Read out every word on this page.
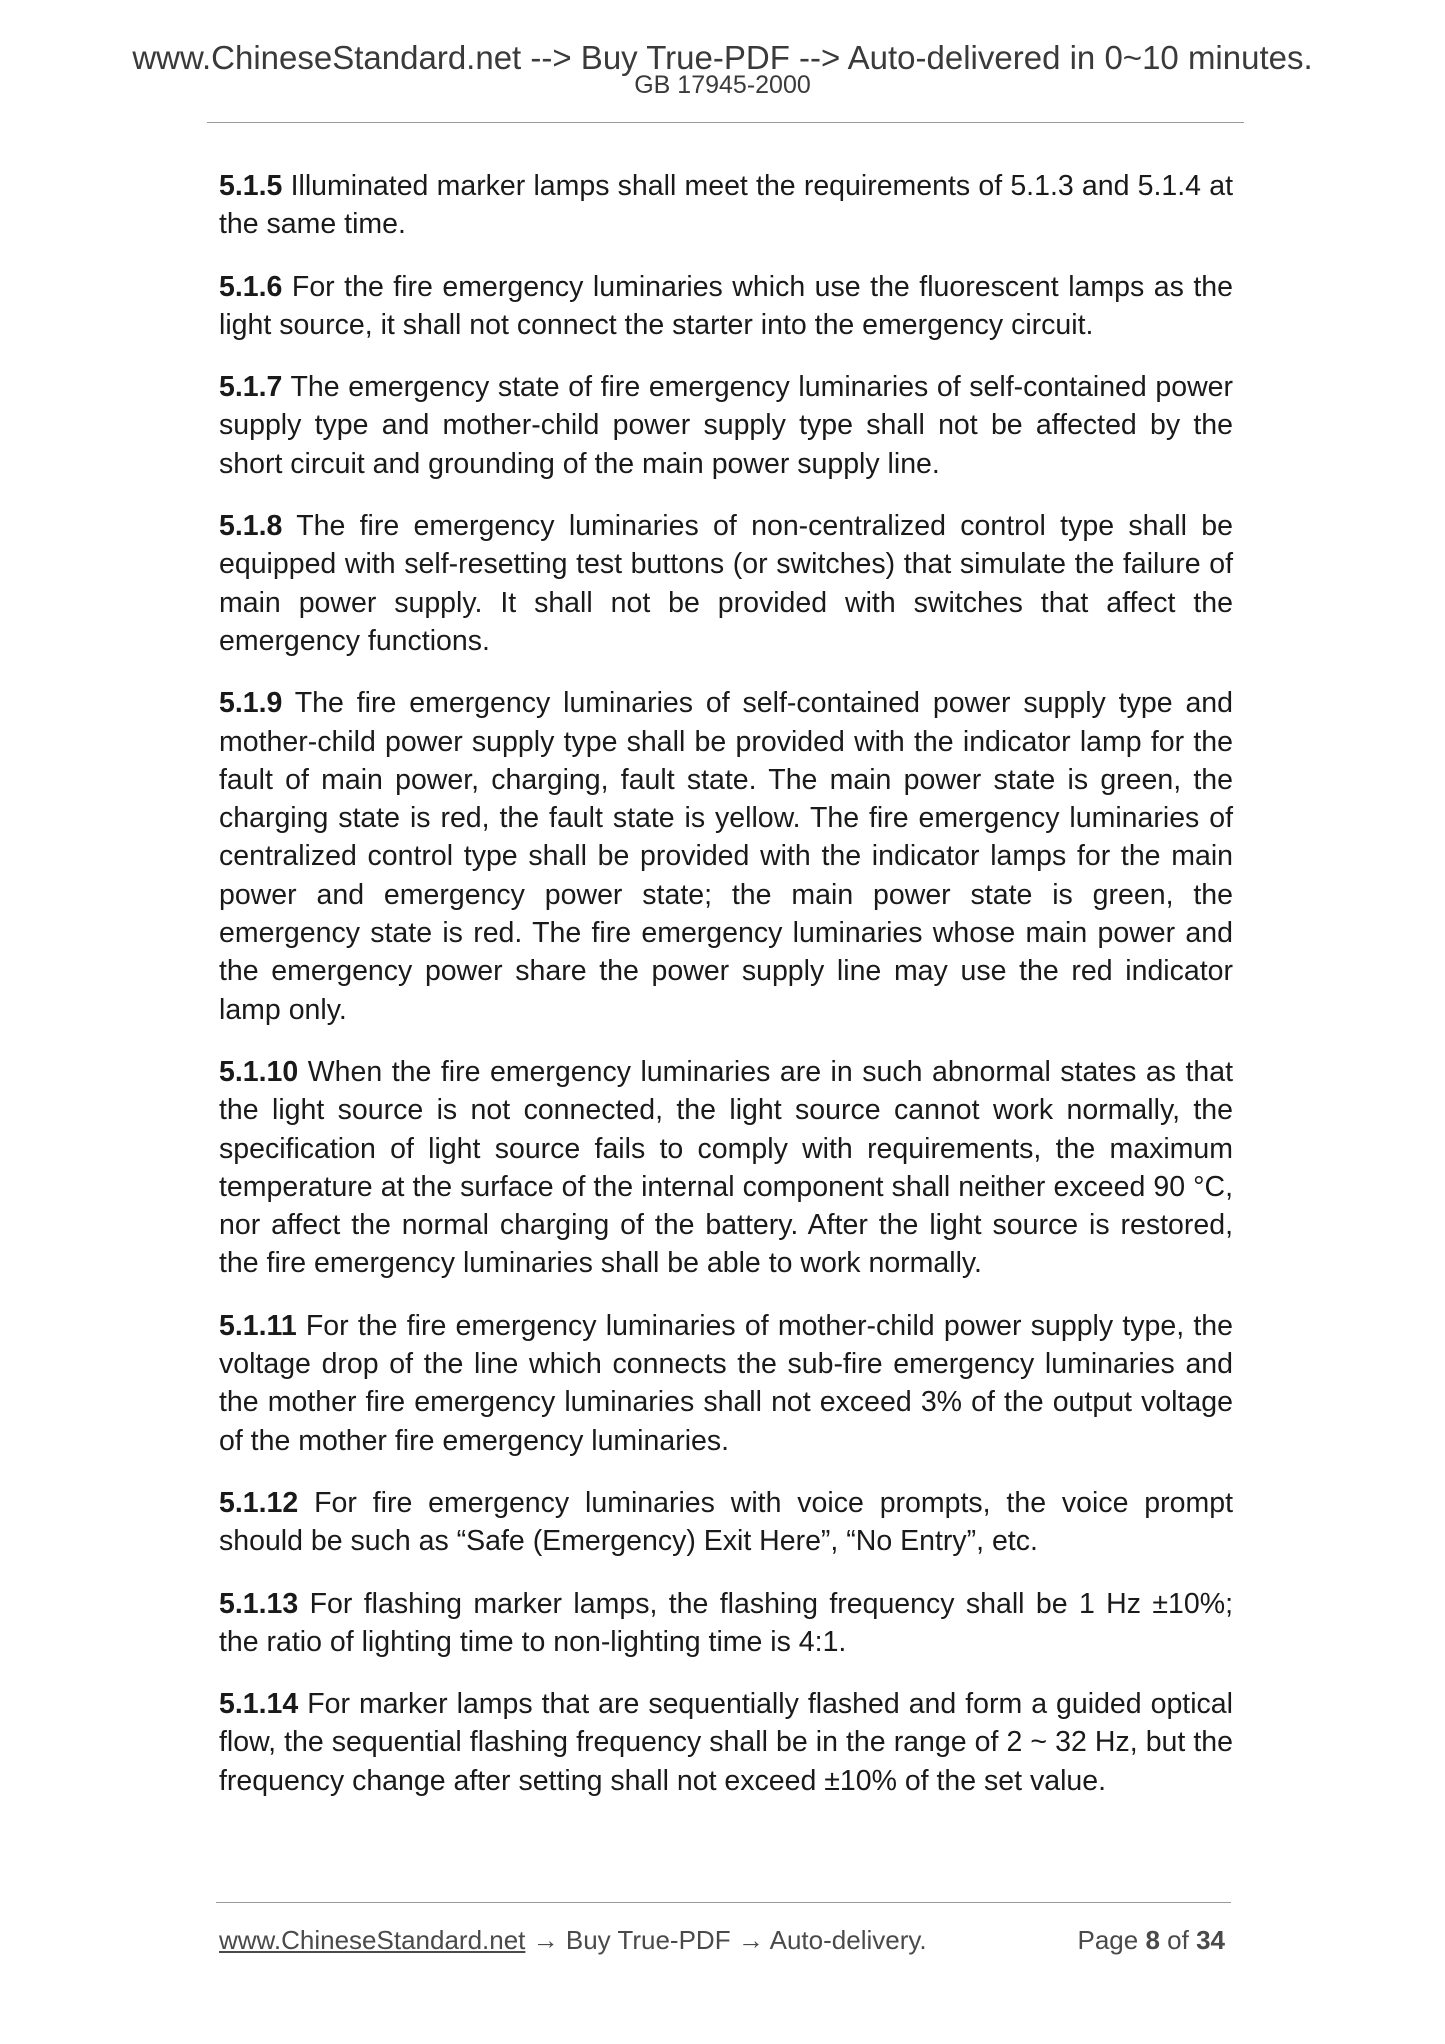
www.ChineseStandard.net --> Buy True-PDF --> Auto-delivered in 0~10 minutes.
GB 17945-2000

5.1.5 Illuminated marker lamps shall meet the requirements of 5.1.3 and 5.1.4 at the same time.

5.1.6 For the fire emergency luminaries which use the fluorescent lamps as the light source, it shall not connect the starter into the emergency circuit.

5.1.7 The emergency state of fire emergency luminaries of self-contained power supply type and mother-child power supply type shall not be affected by the short circuit and grounding of the main power supply line.

5.1.8 The fire emergency luminaries of non-centralized control type shall be equipped with self-resetting test buttons (or switches) that simulate the failure of main power supply. It shall not be provided with switches that affect the emergency functions.

5.1.9 The fire emergency luminaries of self-contained power supply type and mother-child power supply type shall be provided with the indicator lamp for the fault of main power, charging, fault state. The main power state is green, the charging state is red, the fault state is yellow. The fire emergency luminaries of centralized control type shall be provided with the indicator lamps for the main power and emergency power state; the main power state is green, the emergency state is red. The fire emergency luminaries whose main power and the emergency power share the power supply line may use the red indicator lamp only.

5.1.10 When the fire emergency luminaries are in such abnormal states as that the light source is not connected, the light source cannot work normally, the specification of light source fails to comply with requirements, the maximum temperature at the surface of the internal component shall neither exceed 90 °C, nor affect the normal charging of the battery. After the light source is restored, the fire emergency luminaries shall be able to work normally.

5.1.11 For the fire emergency luminaries of mother-child power supply type, the voltage drop of the line which connects the sub-fire emergency luminaries and the mother fire emergency luminaries shall not exceed 3% of the output voltage of the mother fire emergency luminaries.

5.1.12 For fire emergency luminaries with voice prompts, the voice prompt should be such as “Safe (Emergency) Exit Here”, “No Entry”, etc.

5.1.13 For flashing marker lamps, the flashing frequency shall be 1 Hz ±10%; the ratio of lighting time to non-lighting time is 4:1.

5.1.14 For marker lamps that are sequentially flashed and form a guided optical flow, the sequential flashing frequency shall be in the range of 2 ~ 32 Hz, but the frequency change after setting shall not exceed ±10% of the set value.

www.ChineseStandard.net → Buy True-PDF → Auto-delivery.	Page 8 of 34
